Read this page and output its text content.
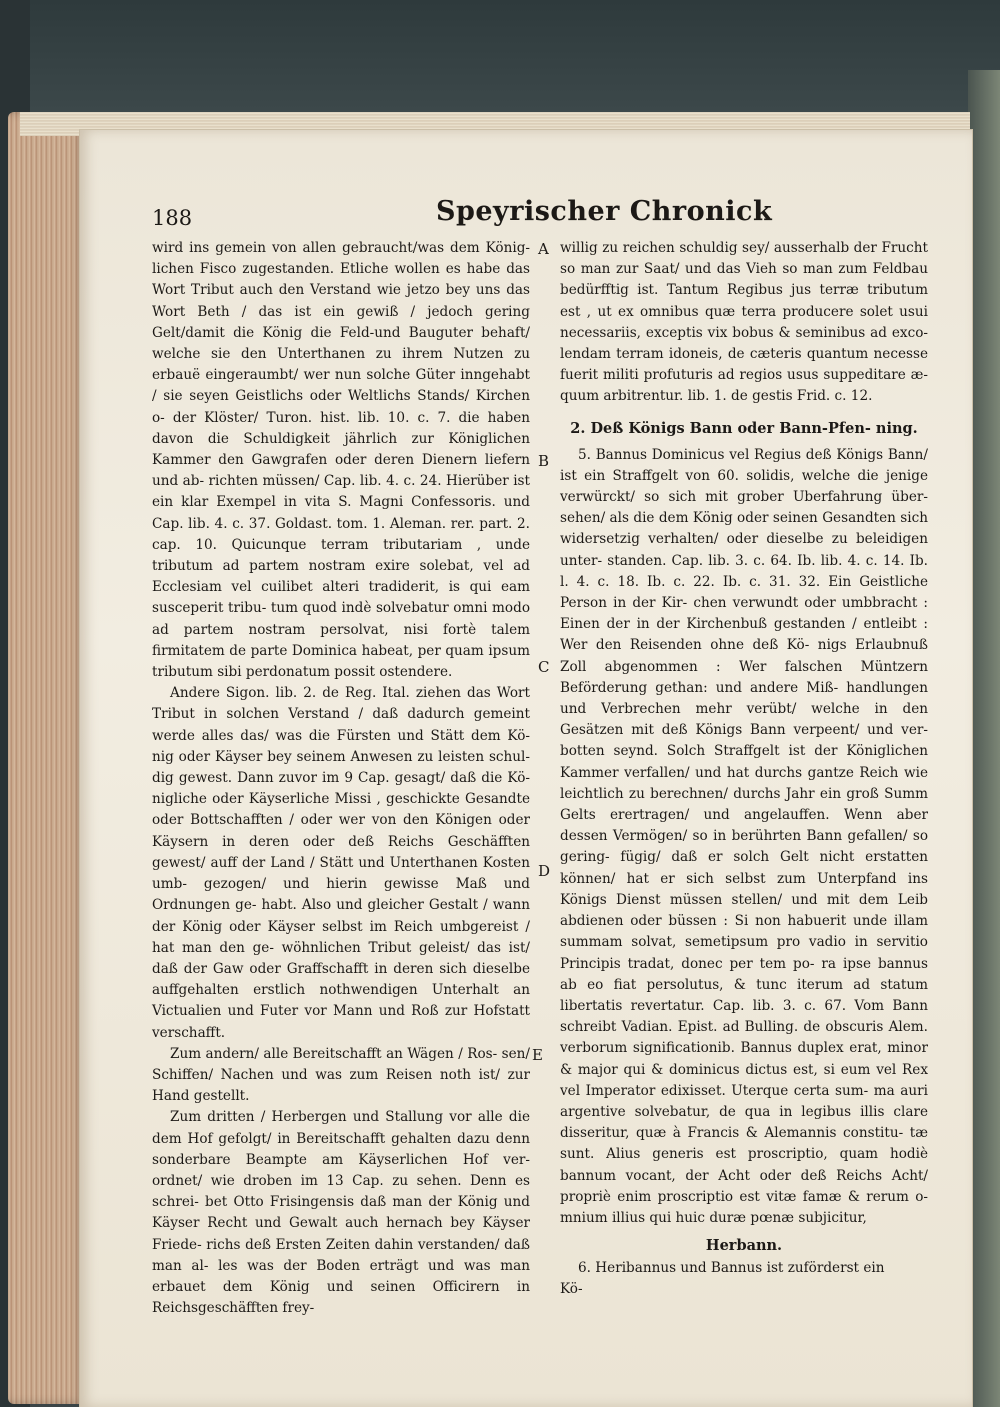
188	Speyrischer Chronick

wird ins gemein von allen gebraucht/was dem König- lichen Fisco zugestanden. Etliche wollen es habe das Wort Tribut auch den Verstand wie jetzo bey uns das Wort Beth / das ist ein gewiß / jedoch gering Gelt/damit die König die Feld-und Bauguter behaft/ welche sie den Unterthanen zu ihrem Nutzen zu erbauë eingeraumbt/ wer nun solche Güter inngehabt / sie seyen Geistlichs oder Weltlichs Stands/ Kirchen o- der Klöster/ Turon. hist. lib. 10. c. 7. die haben davon die Schuldigkeit jährlich zur Königlichen Kammer den Gawgrafen oder deren Dienern liefern und ab- richten müssen/ Cap. lib. 4. c. 24. Hierüber ist ein klar Exempel in vita S. Magni Confessoris. und Cap. lib. 4. c. 37. Goldast. tom. 1. Aleman. rer. part. 2. cap. 10. Quicunque terram tributariam , unde tributum ad partem nostram exire solebat, vel ad Ecclesiam vel cuilibet alteri tradiderit, is qui eam susceperit tribu- tum quod indè solvebatur omni modo ad partem nostram persolvat, nisi fortè talem firmitatem de parte Dominica habeat, per quam ipsum tributum sibi perdonatum possit ostendere.

Andere Sigon. lib. 2. de Reg. Ital. ziehen das Wort Tribut in solchen Verstand / daß dadurch gemeint werde alles das/ was die Fürsten und Stätt dem Kö- nig oder Käyser bey seinem Anwesen zu leisten schul- dig gewest. Dann zuvor im 9 Cap. gesagt/ daß die Kö- nigliche oder Käyserliche Missi , geschickte Gesandte oder Bottschafften / oder wer von den Königen oder Käysern in deren oder deß Reichs Geschäfften gewest/ auff der Land / Stätt und Unterthanen Kosten umb- gezogen/ und hierin gewisse Maß und Ordnungen ge- habt. Also und gleicher Gestalt / wann der König oder Käyser selbst im Reich umbgereist / hat man den ge- wöhnlichen Tribut geleist/ das ist/ daß der Gaw oder Graffschafft in deren sich dieselbe auffgehalten erstlich nothwendigen Unterhalt an Victualien und Futer vor Mann und Roß zur Hofstatt verschafft.

Zum andern/ alle Bereitschafft an Wägen / Ros- sen/ Schiffen/ Nachen und was zum Reisen noth ist/ zur Hand gestellt.

Zum dritten / Herbergen und Stallung vor alle die dem Hof gefolgt/ in Bereitschafft gehalten dazu denn sonderbare Beampte am Käyserlichen Hof ver- ordnet/ wie droben im 13 Cap. zu sehen. Denn es schrei- bet Otto Frisingensis daß man der König und Käyser Recht und Gewalt auch hernach bey Käyser Friede- richs deß Ersten Zeiten dahin verstanden/ daß man al- les was der Boden erträgt und was man erbauet dem König und seinen Officirern in Reichsgeschäfften frey-

A
B
C
D
E

willig zu reichen schuldig sey/ ausserhalb der Frucht so man zur Saat/ und das Vieh so man zum Feldbau bedürfftig ist. Tantum Regibus jus terræ tributum est , ut ex omnibus quæ terra producere solet usui necessariis, exceptis vix bobus & seminibus ad exco- lendam terram idoneis, de cæteris quantum necesse fuerit militi profuturis ad regios usus suppeditare æ- quum arbitrentur. lib. 1. de gestis Frid. c. 12.

2. Deß Königs Bann oder Bann-Pfen- ning.

5. Bannus Dominicus vel Regius deß Königs Bann/ ist ein Straffgelt von 60. solidis, welche die jenige verwürckt/ so sich mit grober Uberfahrung über- sehen/ als die dem König oder seinen Gesandten sich widersetzig verhalten/ oder dieselbe zu beleidigen unter- standen. Cap. lib. 3. c. 64. Ib. lib. 4. c. 14. Ib. l. 4. c. 18. Ib. c. 22. Ib. c. 31. 32. Ein Geistliche Person in der Kir- chen verwundt oder umbbracht : Einen der in der Kirchenbuß gestanden / entleibt : Wer den Reisenden ohne deß Kö- nigs Erlaubnuß Zoll abgenommen : Wer falschen Müntzern Beförderung gethan: und andere Miß- handlungen und Verbrechen mehr verübt/ welche in den Gesätzen mit deß Königs Bann verpeent/ und ver- botten seynd. Solch Straffgelt ist der Königlichen Kammer verfallen/ und hat durchs gantze Reich wie leichtlich zu berechnen/ durchs Jahr ein groß Summ Gelts erertragen/ und angelauffen. Wenn aber dessen Vermögen/ so in berührten Bann gefallen/ so gering- fügig/ daß er solch Gelt nicht erstatten können/ hat er sich selbst zum Unterpfand ins Königs Dienst müssen stellen/ und mit dem Leib abdienen oder büssen : Si non habuerit unde illam summam solvat, semetipsum pro vadio in servitio Principis tradat, donec per tem po- ra ipse bannus ab eo fiat persolutus, & tunc iterum ad statum libertatis revertatur. Cap. lib. 3. c. 67. Vom Bann schreibt Vadian. Epist. ad Bulling. de obscuris Alem. verborum significationib. Bannus duplex erat, minor & major qui & dominicus dictus est, si eum vel Rex vel Imperator edixisset. Uterque certa sum- ma auri argentive solvebatur, de qua in legibus illis clare disseritur, quæ à Francis & Alemannis constitu- tæ sunt. Alius generis est proscriptio, quam hodiè bannum vocant, der Acht oder deß Reichs Acht/ propriè enim proscriptio est vitæ famæ & rerum o- mnium illius qui huic duræ pœnæ subjicitur,

Herbann.

6. Heribannus und Bannus ist zuförderst ein

Kö-
